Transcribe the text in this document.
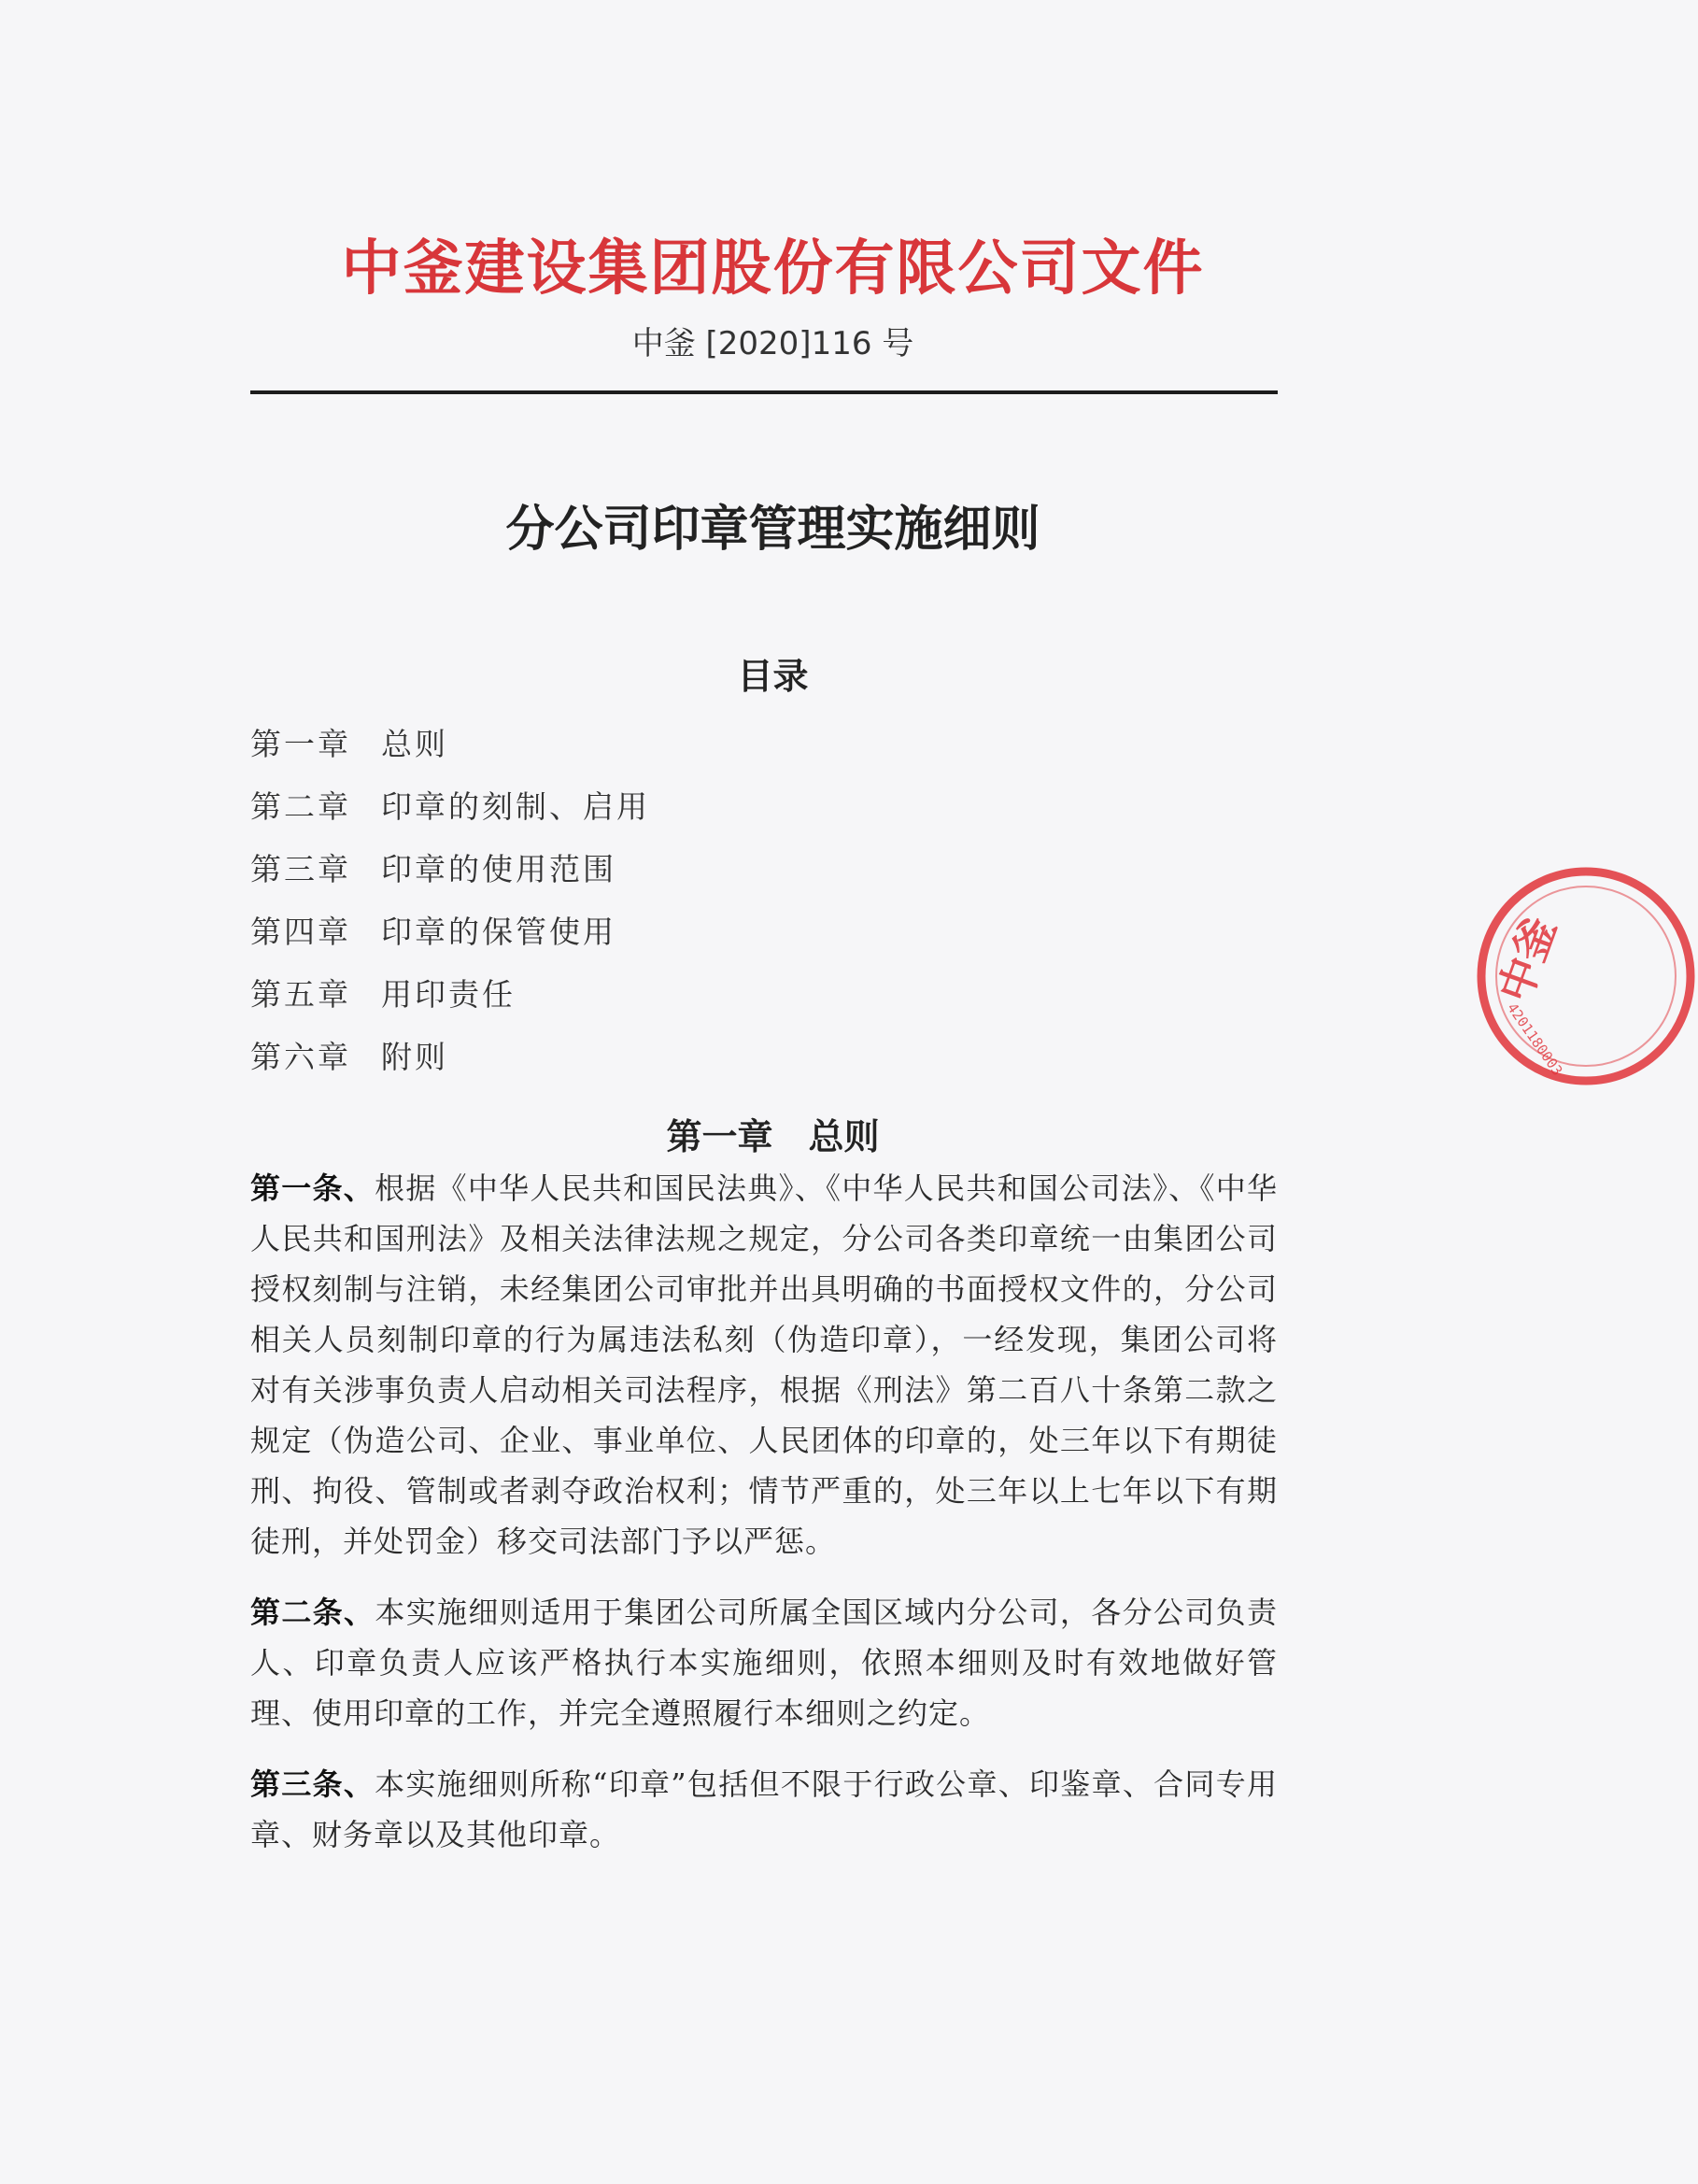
中釜建设集团股份有限公司文件
中釜 [2020]116 号
分公司印章管理实施细则
目录
第一章 总则
第二章 印章的刻制、启用
第三章 印章的使用范围
第四章 印章的保管使用
第五章 用印责任
第六章 附则
第一章　总则

第一条、根据《中华人民共和国民法典》、《中华人民共和国公司法》、《中华人民共和国刑法》及相关法律法规之规定，分公司各类印章统一由集团公司授权刻制与注销，未经集团公司审批并出具明确的书面授权文件的，分公司相关人员刻制印章的行为属违法私刻（伪造印章），一经发现，集团公司将对有关涉事负责人启动相关司法程序，根据《刑法》第二百八十条第二款之规定（伪造公司、企业、事业单位、人民团体的印章的，处三年以下有期徒刑、拘役、管制或者剥夺政治权利；情节严重的，处三年以上七年以下有期徒刑，并处罚金）移交司法部门予以严惩。

第二条、本实施细则适用于集团公司所属全国区域内分公司，各分公司负责人、印章负责人应该严格执行本实施细则，依照本细则及时有效地做好管理、使用印章的工作，并完全遵照履行本细则之约定。

第三条、本实施细则所称“印章”包括但不限于行政公章、印鉴章、合同专用章、财务章以及其他印章。

中釜
4201180003
